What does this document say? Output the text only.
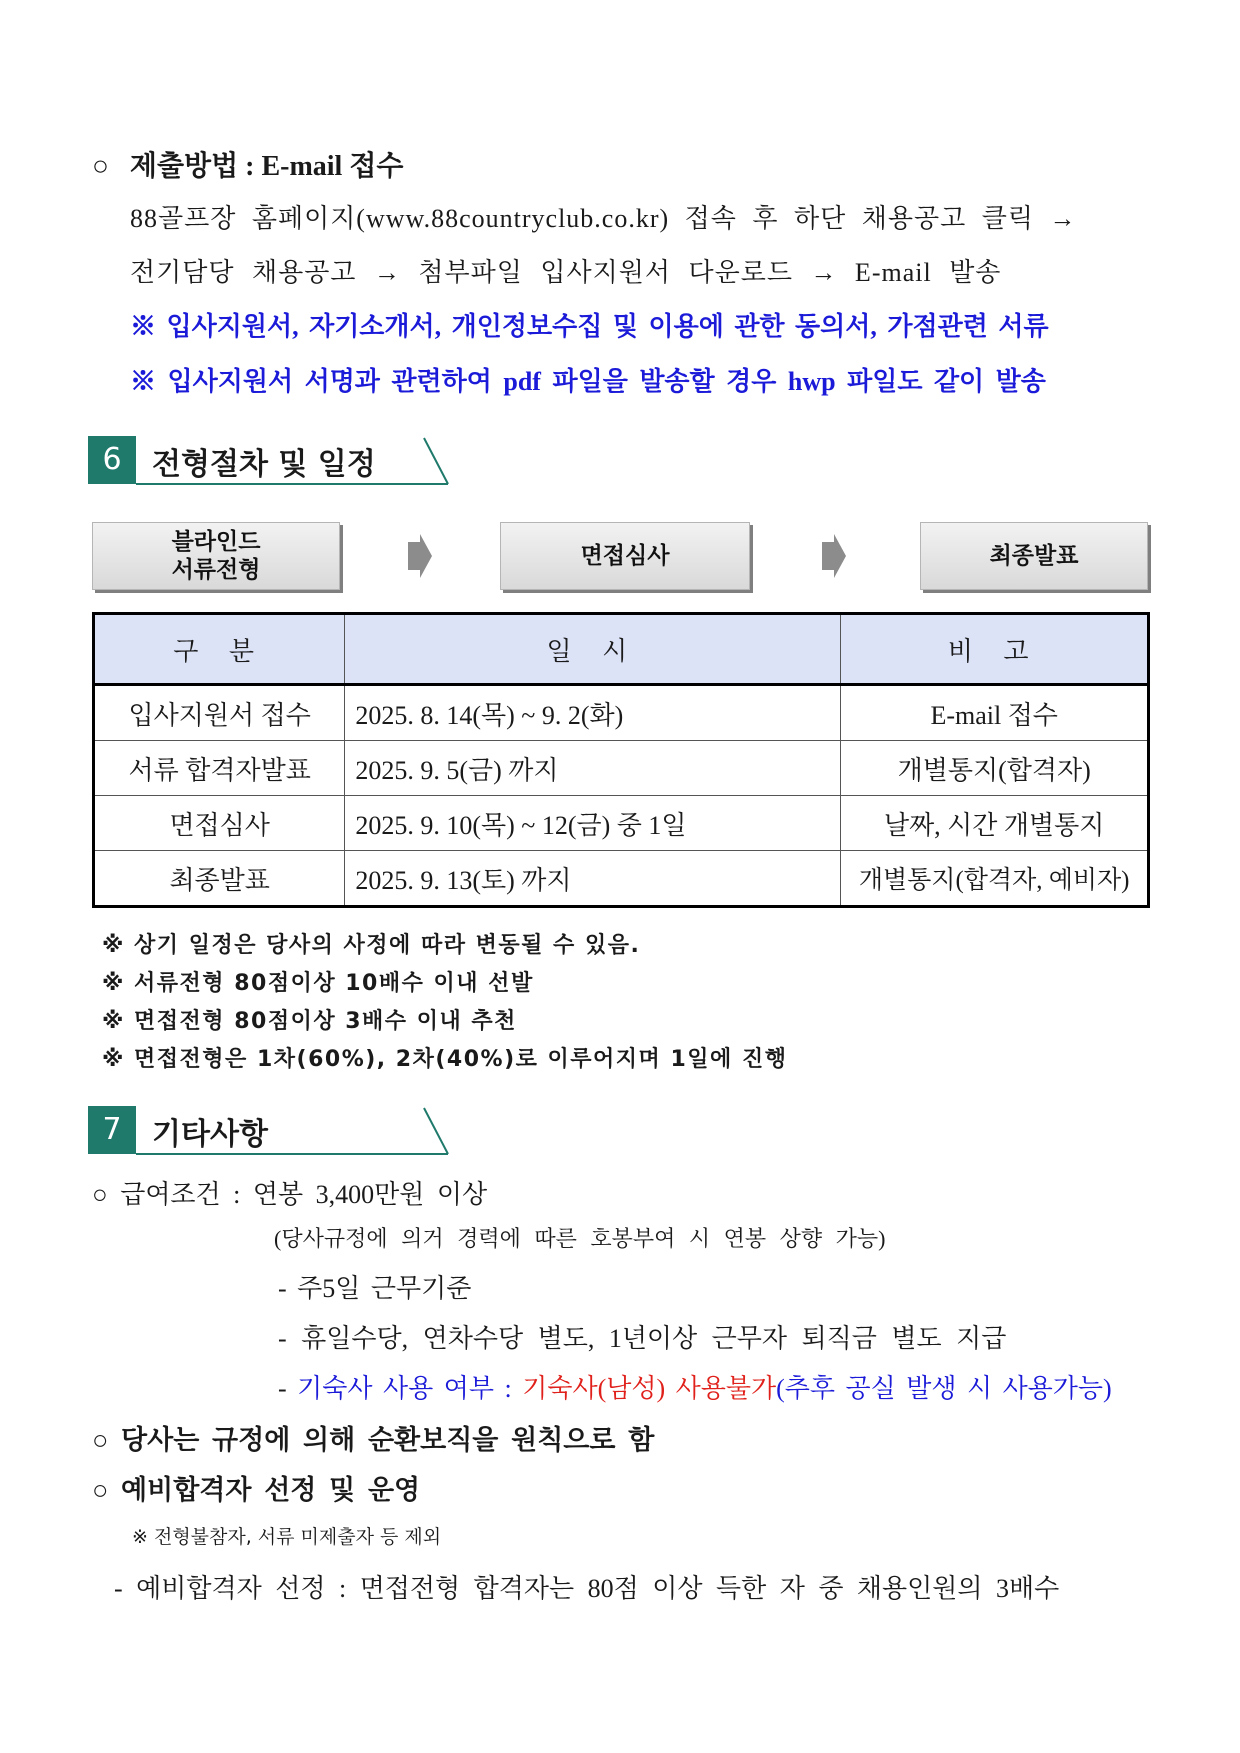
○ 제출방법 : E-mail 접수
88골프장 홈페이지(www.88countryclub.co.kr) 접속 후 하단 채용공고 클릭 →
전기담당 채용공고 → 첨부파일 입사지원서 다운로드 → E-mail 발송
※ 입사지원서, 자기소개서, 개인정보수집 및 이용에 관한 동의서, 가점관련 서류
※ 입사지원서 서명과 관련하여 pdf 파일을 발송할 경우 hwp 파일도 같이 발송
6	전형절차 및 일정
블라인드
서류전형
면접심사	최종발표
구 분	일 시	비 고
입사지원서 접수	2025. 8. 14(목) ~ 9. 2(화)	E-mail 접수
서류 합격자발표	2025. 9. 5(금) 까지	개별통지(합격자)
면접심사	2025. 9. 10(목) ~ 12(금) 중 1일	날짜, 시간 개별통지
최종발표	2025. 9. 13(토) 까지	개별통지(합격자, 예비자)
※ 상기 일정은 당사의 사정에 따라 변동될 수 있음.
※ 서류전형 80점이상 10배수 이내 선발
※ 면접전형 80점이상 3배수 이내 추천
※ 면접전형은 1차(60%), 2차(40%)로 이루어지며 1일에 진행
7	기타사항
○ 급여조건 : 연봉 3,400만원 이상
(당사규정에 의거 경력에 따른 호봉부여 시 연봉 상향 가능)
- 주5일 근무기준
- 휴일수당, 연차수당 별도, 1년이상 근무자 퇴직금 별도 지급
- 기숙사 사용 여부 : 기숙사(남성) 사용불가(추후 공실 발생 시 사용가능)
○ 당사는 규정에 의해 순환보직을 원칙으로 함
○ 예비합격자 선정 및 운영
※ 전형불참자, 서류 미제출자 등 제외
- 예비합격자 선정 : 면접전형 합격자는 80점 이상 득한 자 중 채용인원의 3배수
